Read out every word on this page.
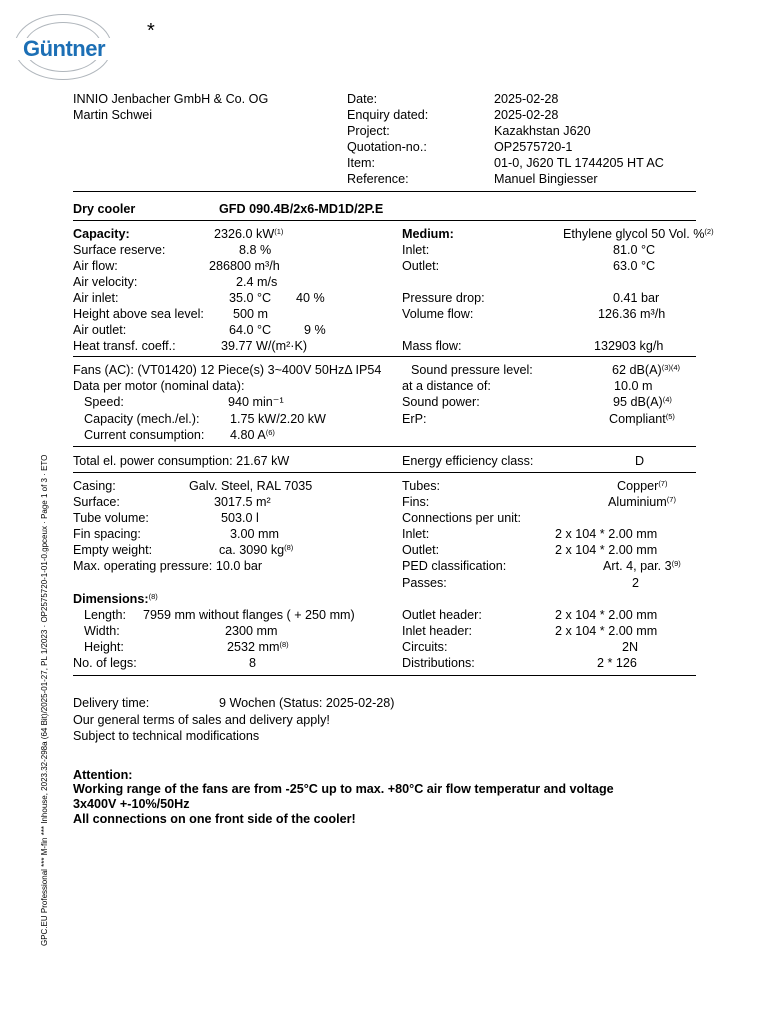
Güntner
*
INNIO Jenbacher GmbH & Co. OG
Martin Schwei
Date:	2025-02-28
Enquiry dated:	2025-02-28
Project:	Kazakhstan J620
Quotation-no.:	OP2575720-1
Item:	01-0, J620 TL 1744205 HT AC
Reference:	Manuel Bingiesser
Dry cooler	GFD 090.4B/2x6-MD1D/2P.E
Capacity:	2326.0 $kW^{(1)}$
Surface reserve:	8.8 %
Air flow:	286800 m³/h
Air velocity:	2.4 m/s
Air inlet:	35.0 °C 40 %
Height above sea level: 500 m
Air outlet:	64.0 °C	9 %
Heat transf. coeff.:	39.77 W/(m²·K)
Medium:	Ethylene glycol 50 Vol. %$^{(2)}$
Inlet:	81.0 °C
Outlet:	63.0 °C
Pressure drop:	0.41 bar
Volume flow:	126.36 m³/h
Mass flow:	132903 kg/h
Fans (AC): (VT01420) 12 Piece(s) 3~400V 50HzΔ IP54
Data per motor (nominal data):
Speed:	940 min⁻¹
Capacity (mech./el.): 1.75 kW/2.20 kW
Current consumption: 4.80 $A^{(6)}$
Sound pressure level:	62 $dB(A)^{(3)(4)}$
at a distance of:	10.0 m
Sound power:	95 $dB(A)^{(4)}$
ErP:	Compliant$^{(5)}$
Total el. power consumption: 21.67 kW	Energy efficiency class:	D
Casing:	Galv. Steel, RAL 7035
Surface:	3017.5 m²
Tube volume:	503.0 l
Fin spacing:	3.00 mm
Empty weight:	ca. 3090 $kg^{(8)}$
Max. operating pressure: 10.0 bar
Tubes:	Copper$^{(7)}$
Fins:	Aluminium$^{(7)}$
Connections per unit:
Inlet:	2 x 104 * 2.00 mm
Outlet:	2 x 104 * 2.00 mm
PED classification:	Art. 4, par. 3$^{(9)}$
Passes:	2
Dimensions:$^{(8)}$
Length: 7959 mm without flanges ( + 250 mm)
Width:	2300 mm
Height:	2532 $mm^{(8)}$
No. of legs:	8
Outlet header:	2 x 104 * 2.00 mm
Inlet header:	2 x 104 * 2.00 mm
Circuits:	2N
Distributions:	2 * 126
Delivery time:	9 Wochen (Status: 2025-02-28)
Our general terms of sales and delivery apply!
Subject to technical modifications
Attention:
Working range of the fans are from -25°C up to max. +80°C air flow temperatur and voltage
3x400V +-10%/50Hz
All connections on one front side of the cooler!
GPC.EU Professional *** M-fin *** Inhouse, 2023.32-298a (64 Bit)/2025-01-27, PL 1/2023 · OP2575720-1-01-0.gpceux · Page 1 of 3 · ETO
